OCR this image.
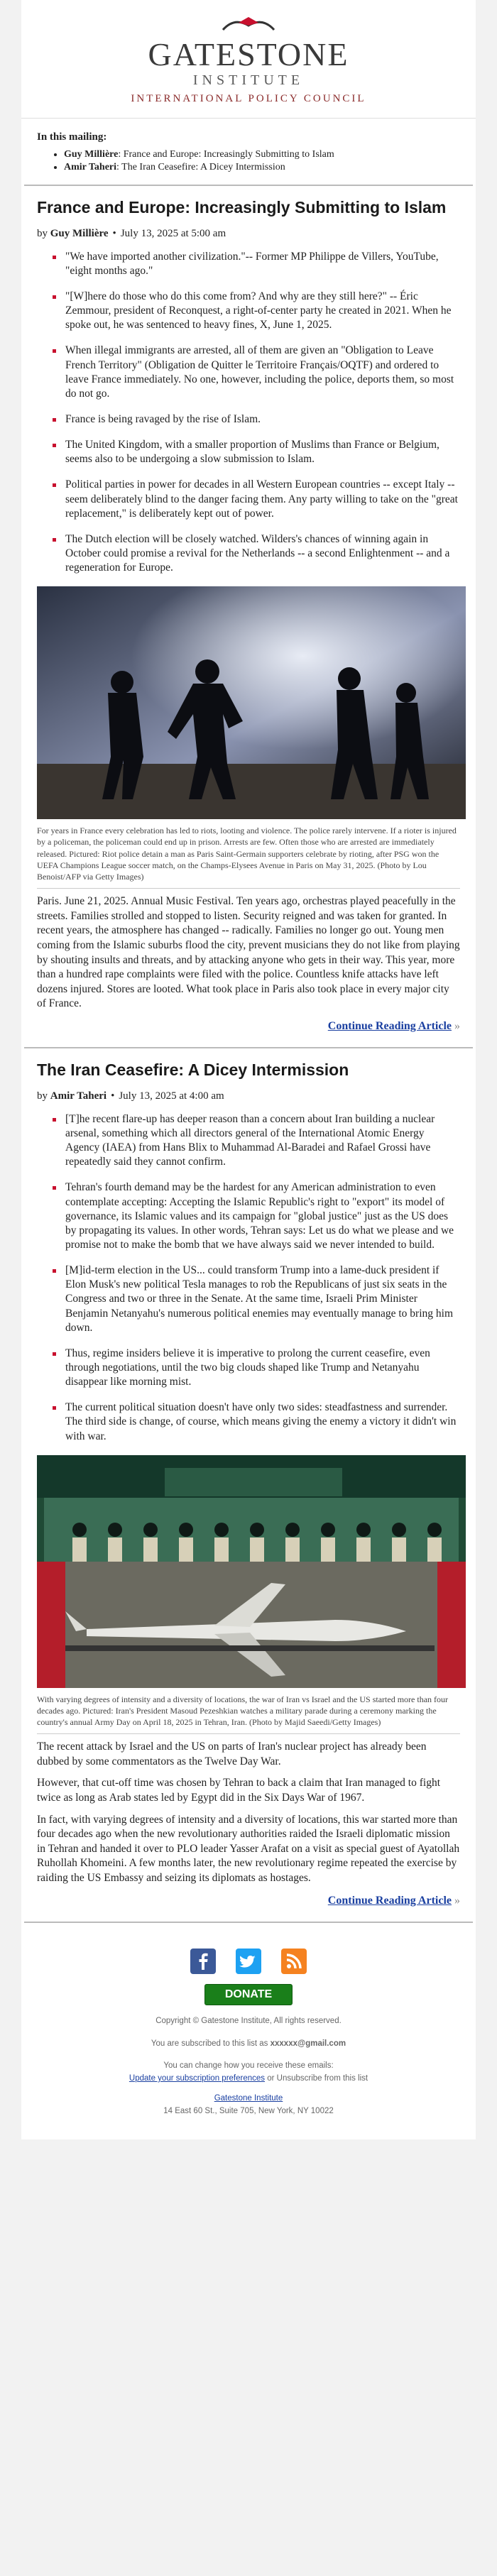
GATESTONE
INSTITUTE
INTERNATIONAL POLICY COUNCIL
In this mailing:
• Guy Millière: France and Europe: Increasingly Submitting to Islam
• Amir Taheri: The Iran Ceasefire: A Dicey Intermission
France and Europe: Increasingly Submitting to Islam
by Guy Millière • July 13, 2025 at 5:00 am
"We have imported another civilization."-- Former MP Philippe de Villers, YouTube, "eight months ago."
"[W]here do those who do this come from? And why are they still here?" -- Éric Zemmour, president of Reconquest, a right-of-center party he created in 2021. When he spoke out, he was sentenced to heavy fines, X, June 1, 2025.
When illegal immigrants are arrested, all of them are given an "Obligation to Leave French Territory" (Obligation de Quitter le Territoire Français/OQTF) and ordered to leave France immediately. No one, however, including the police, deports them, so most do not go.
France is being ravaged by the rise of Islam.
The United Kingdom, with a smaller proportion of Muslims than France or Belgium, seems also to be undergoing a slow submission to Islam.
Political parties in power for decades in all Western European countries -- except Italy -- seem deliberately blind to the danger facing them. Any party willing to take on the "great replacement," is deliberately kept out of power.
The Dutch election will be closely watched. Wilders's chances of winning again in October could promise a revival for the Netherlands -- a second Enlightenment -- and a regeneration for Europe.
For years in France every celebration has led to riots, looting and violence. The police rarely intervene. If a rioter is injured by a policeman, the policeman could end up in prison. Arrests are few. Often those who are arrested are immediately released. Pictured: Riot police detain a man as Paris Saint-Germain supporters celebrate by rioting, after PSG won the UEFA Champions League soccer match, on the Champs-Elysees Avenue in Paris on May 31, 2025. (Photo by Lou Benoist/AFP via Getty Images)

Paris. June 21, 2025. Annual Music Festival. Ten years ago, orchestras played peacefully in the streets. Families strolled and stopped to listen. Security reigned and was taken for granted. In recent years, the atmosphere has changed -- radically. Families no longer go out. Young men coming from the Islamic suburbs flood the city, prevent musicians they do not like from playing by shouting insults and threats, and by attacking anyone who gets in their way. This year, more than a hundred rape complaints were filed with the police. Countless knife attacks have left dozens injured. Stores are looted. What took place in Paris also took place in every major city of France.

Continue Reading Article »
The Iran Ceasefire: A Dicey Intermission
by Amir Taheri • July 13, 2025 at 4:00 am
[T]he recent flare-up has deeper reason than a concern about Iran building a nuclear arsenal, something which all directors general of the International Atomic Energy Agency (IAEA) from Hans Blix to Muhammad Al-Baradei and Rafael Grossi have repeatedly said they cannot confirm.
Tehran's fourth demand may be the hardest for any American administration to even contemplate accepting: Accepting the Islamic Republic's right to "export" its model of governance, its Islamic values and its campaign for "global justice" just as the US does by propagating its values. In other words, Tehran says: Let us do what we please and we promise not to make the bomb that we have always said we never intended to build.
[M]id-term election in the US... could transform Trump into a lame-duck president if Elon Musk's new political Tesla manages to rob the Republicans of just six seats in the Congress and two or three in the Senate. At the same time, Israeli Prim Minister Benjamin Netanyahu's numerous political enemies may eventually manage to bring him down.
Thus, regime insiders believe it is imperative to prolong the current ceasefire, even through negotiations, until the two big clouds shaped like Trump and Netanyahu disappear like morning mist.
The current political situation doesn't have only two sides: steadfastness and surrender. The third side is change, of course, which means giving the enemy a victory it didn't win with war.
With varying degrees of intensity and a diversity of locations, the war of Iran vs Israel and the US started more than four decades ago. Pictured: Iran's President Masoud Pezeshkian watches a military parade during a ceremony marking the country's annual Army Day on April 18, 2025 in Tehran, Iran. (Photo by Majid Saeedi/Getty Images)

The recent attack by Israel and the US on parts of Iran's nuclear project has already been dubbed by some commentators as the Twelve Day War.

However, that cut-off time was chosen by Tehran to back a claim that Iran managed to fight twice as long as Arab states led by Egypt did in the Six Days War of 1967.

In fact, with varying degrees of intensity and a diversity of locations, this war started more than four decades ago when the new revolutionary authorities raided the Israeli diplomatic mission in Tehran and handed it over to PLO leader Yasser Arafat on a visit as special guest of Ayatollah Ruhollah Khomeini. A few months later, the new revolutionary regime repeated the exercise by raiding the US Embassy and seizing its diplomats as hostages.

Continue Reading Article »

DONATE
Copyright © Gatestone Institute, All rights reserved.
You are subscribed to this list as xxxxxx@gmail.com
You can change how you receive these emails:
Update your subscription preferences or Unsubscribe from this list
Gatestone Institute
14 East 60 St., Suite 705, New York, NY 10022
